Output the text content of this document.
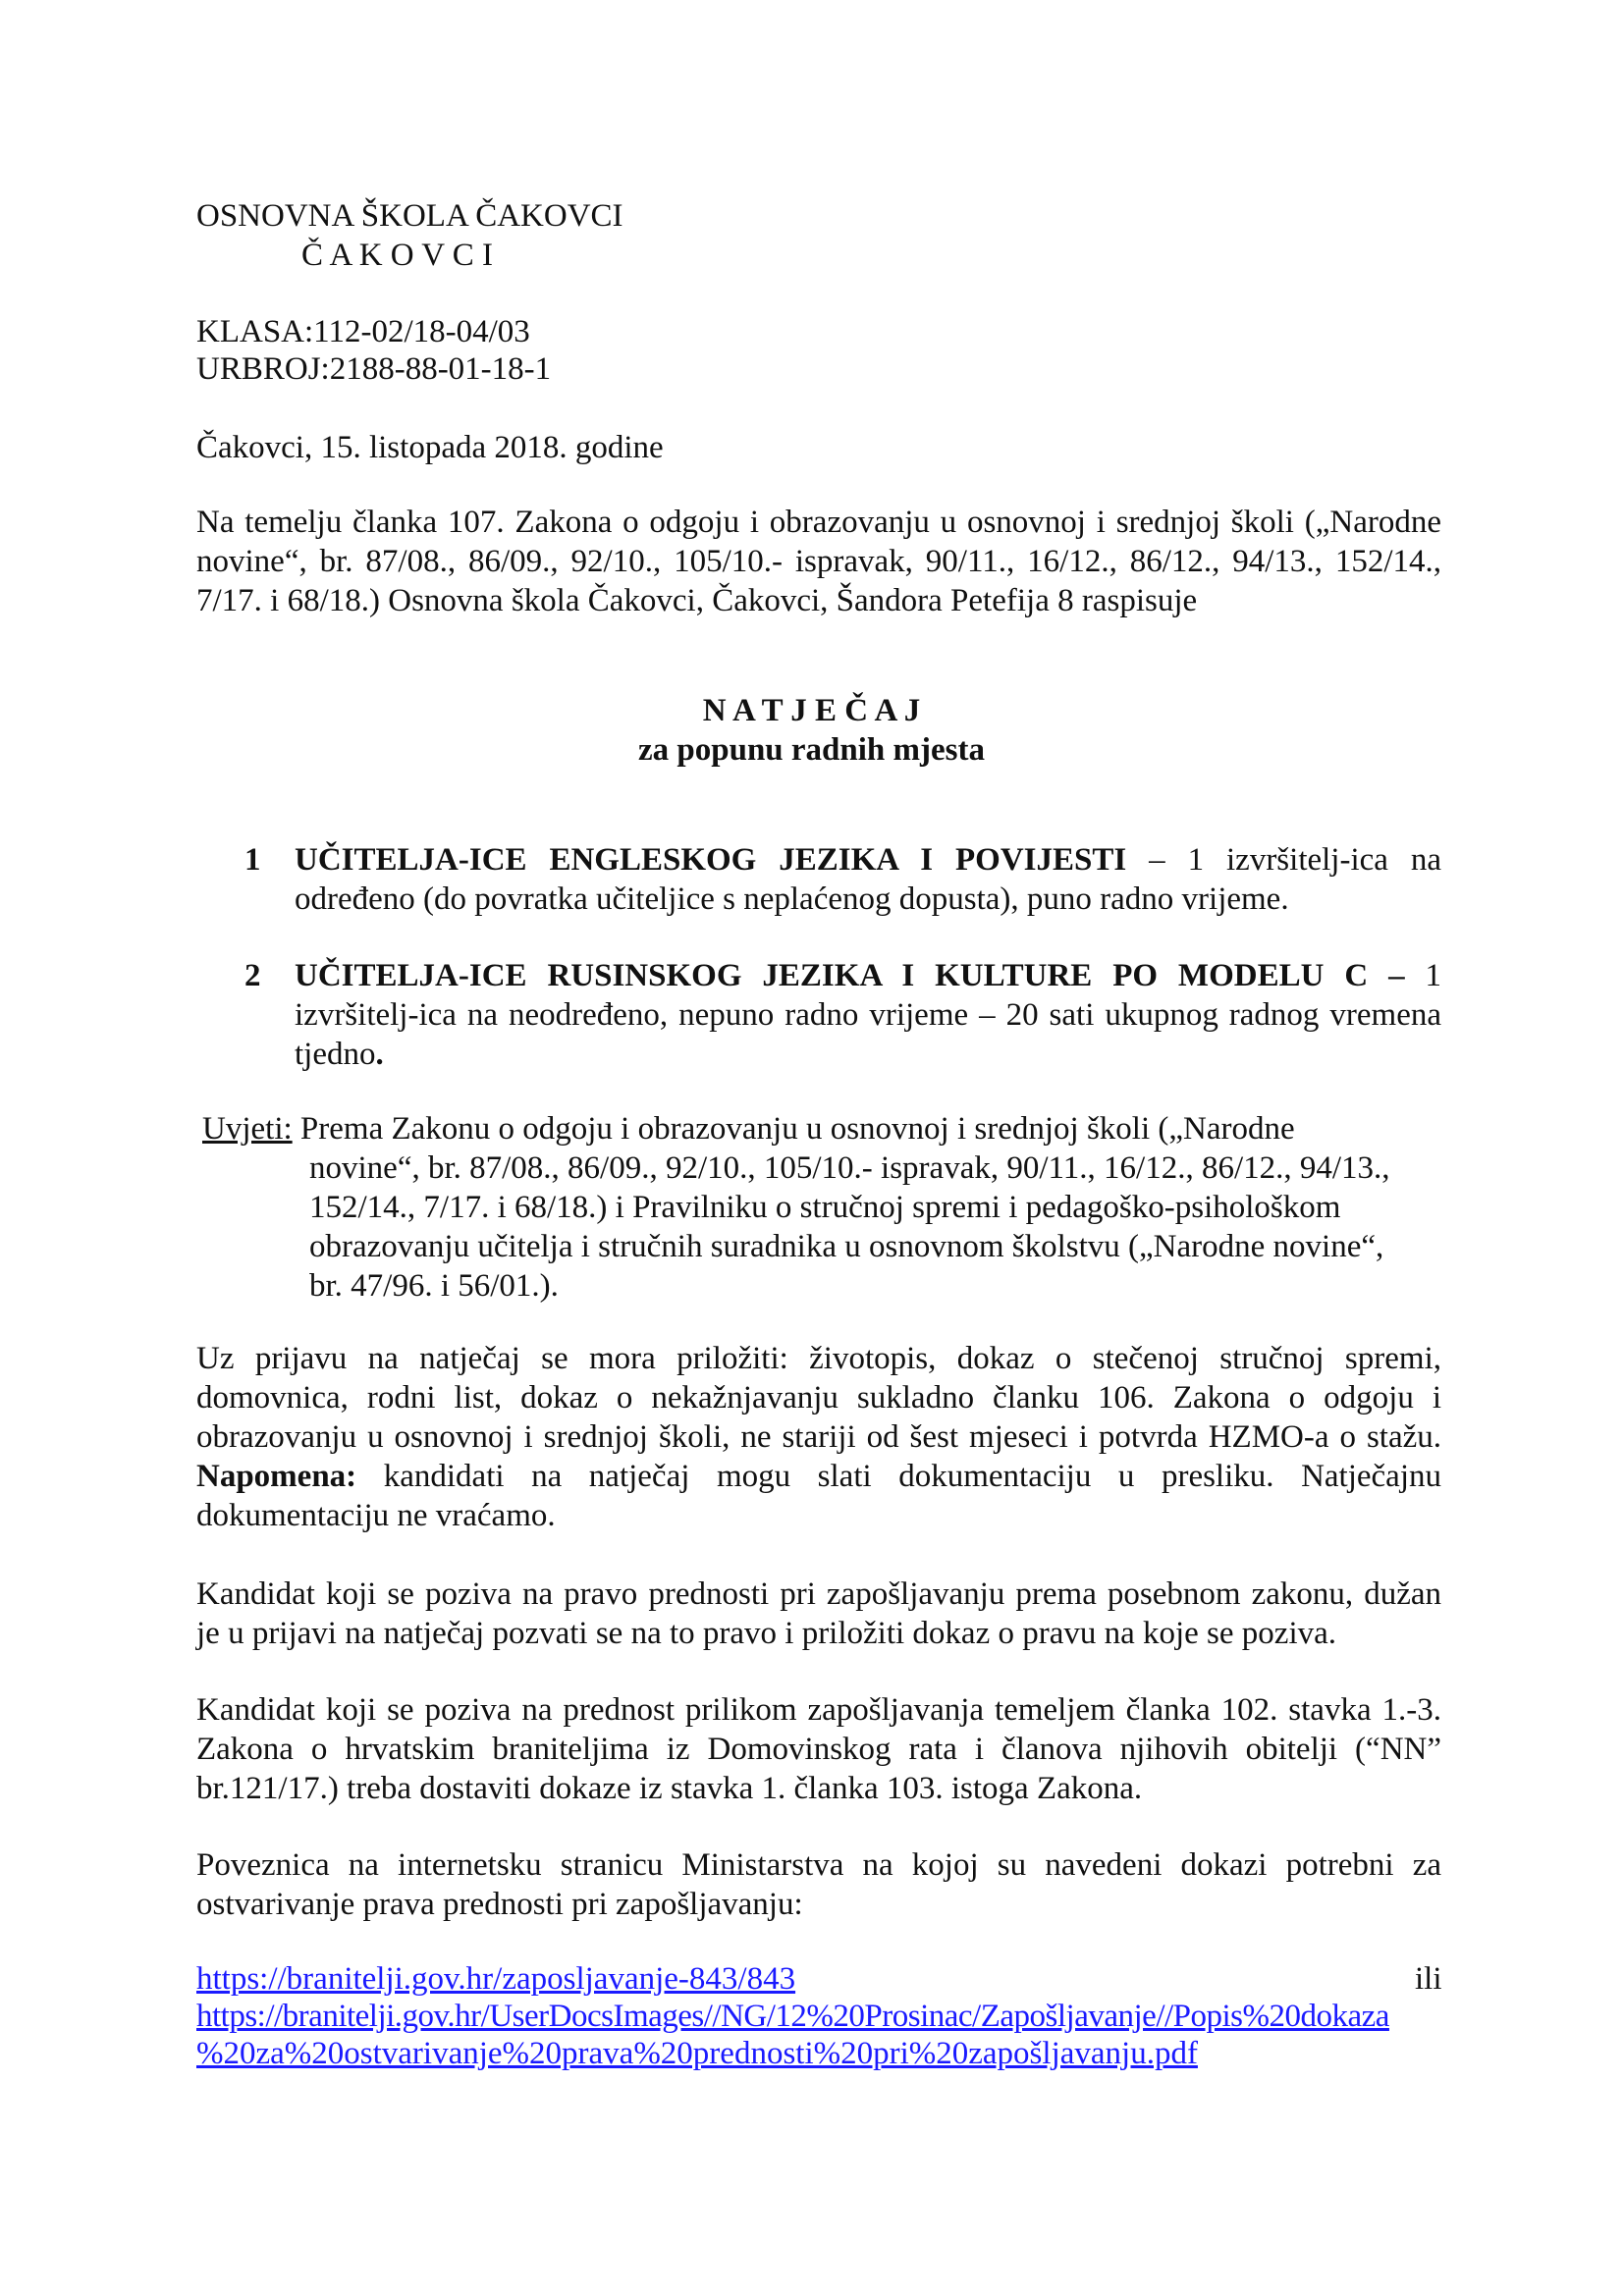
OSNOVNA ŠKOLA ČAKOVCI
Č A K O V C I
KLASA:112-02/18-04/03
URBROJ:2188-88-01-18-1
Čakovci, 15. listopada 2018. godine
Na temelju članka 107. Zakona o odgoju i obrazovanju u osnovnoj i srednjoj školi („Narodne
novine“, br. 87/08., 86/09., 92/10., 105/10.- ispravak, 90/11., 16/12., 86/12., 94/13., 152/14.,
7/17. i 68/18.) Osnovna škola Čakovci, Čakovci, Šandora Petefija 8 raspisuje
N A T J E Č A J
za popunu radnih mjesta
1 UČITELJA-ICE ENGLESKOG JEZIKA I POVIJESTI – 1 izvršitelj-ica na
određeno (do povratka učiteljice s neplaćenog dopusta), puno radno vrijeme.
2 UČITELJA-ICE RUSINSKOG JEZIKA I KULTURE PO MODELU C – 1
izvršitelj-ica na neodređeno, nepuno radno vrijeme – 20 sati ukupnog radnog vremena
tjedno.
Uvjeti: Prema Zakonu o odgoju i obrazovanju u osnovnoj i srednjoj školi („Narodne
novine“, br. 87/08., 86/09., 92/10., 105/10.- ispravak, 90/11., 16/12., 86/12., 94/13.,
152/14., 7/17. i 68/18.) i Pravilniku o stručnoj spremi i pedagoško-psihološkom
obrazovanju učitelja i stručnih suradnika u osnovnom školstvu („Narodne novine“,
br. 47/96. i 56/01.).
Uz prijavu na natječaj se mora priložiti: životopis, dokaz o stečenoj stručnoj spremi,
domovnica, rodni list, dokaz o nekažnjavanju sukladno članku 106. Zakona o odgoju i
obrazovanju u osnovnoj i srednjoj školi, ne stariji od šest mjeseci i potvrda HZMO-a o stažu.
Napomena: kandidati na natječaj mogu slati dokumentaciju u presliku. Natječajnu
dokumentaciju ne vraćamo.
Kandidat koji se poziva na pravo prednosti pri zapošljavanju prema posebnom zakonu, dužan
je u prijavi na natječaj pozvati se na to pravo i priložiti dokaz o pravu na koje se poziva.
Kandidat koji se poziva na prednost prilikom zapošljavanja temeljem članka 102. stavka 1.-3.
Zakona o hrvatskim braniteljima iz Domovinskog rata i članova njihovih obitelji (“NN”
br.121/17.) treba dostaviti dokaze iz stavka 1. članka 103. istoga Zakona.
Poveznica na internetsku stranicu Ministarstva na kojoj su navedeni dokazi potrebni za
ostvarivanje prava prednosti pri zapošljavanju:
https://branitelji.gov.hr/zaposljavanje-843/843	ili
https://branitelji.gov.hr/UserDocsImages//NG/12%20Prosinac/Zapošljavanje//Popis%20dokaza
%20za%20ostvarivanje%20prava%20prednosti%20pri%20zapošljavanju.pdf
